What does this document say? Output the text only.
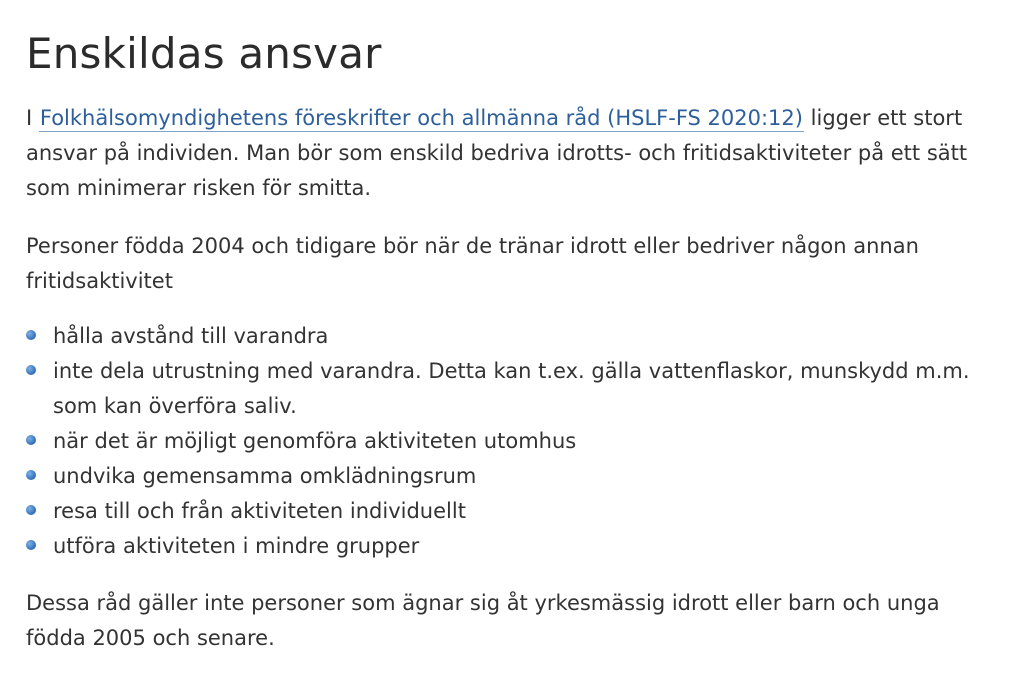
Enskildas ansvar

I Folkhälsomyndighetens föreskrifter och allmänna råd (HSLF-FS 2020:12) ligger ett stort ansvar på individen. Man bör som enskild bedriva idrotts- och fritidsaktiviteter på ett sätt som minimerar risken för smitta.

Personer födda 2004 och tidigare bör när de tränar idrott eller bedriver någon annan fritidsaktivitet

hålla avstånd till varandra
inte dela utrustning med varandra. Detta kan t.ex. gälla vattenflaskor, munskydd m.m. som kan överföra saliv.
när det är möjligt genomföra aktiviteten utomhus
undvika gemensamma omklädningsrum
resa till och från aktiviteten individuellt
utföra aktiviteten i mindre grupper

Dessa råd gäller inte personer som ägnar sig åt yrkesmässig idrott eller barn och unga födda 2005 och senare.
